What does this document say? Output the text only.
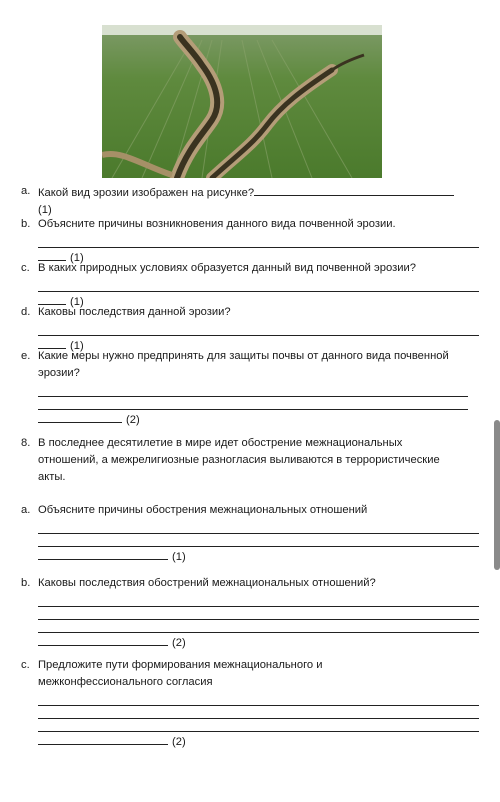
a. Какой вид эрозии изображен на рисунке?
(1)
b. Объясните причины возникновения данного вида почвенной эрозии.
(1)
c. В каких природных условиях образуется данный вид почвенной эрозии?
(1)
d. Каковы последствия данной эрозии?
(1)
e. Какие меры нужно предпринять для защиты почвы от данного вида почвенной эрозии?
(2)
8. В последнее десятилетие в мире идет обострение межнациональных отношений, а межрелигиозные разногласия выливаются в террористические акты.
a. Объясните причины обострения межнациональных отношений
(1)
b. Каковы последствия обострений межнациональных отношений?
(2)
c. Предложите пути формирования межнационального и межконфессионального согласия
(2)
